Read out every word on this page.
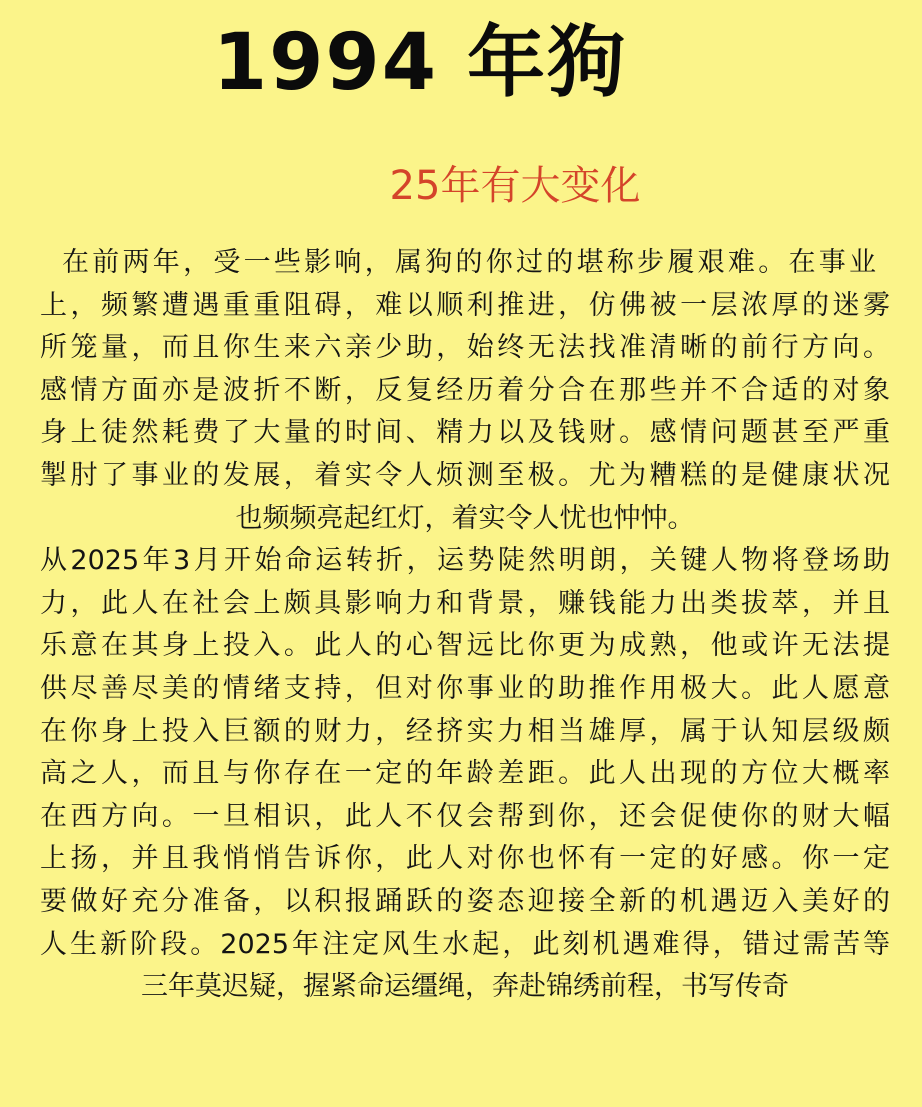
1994 年狗
25年有大变化
在前两年，受一些影响，属狗的你过的堪称步履艰难。在事业
上，频繁遭遇重重阻碍，难以顺利推进，仿佛被一层浓厚的迷雾
所笼量，而且你生来六亲少助，始终无法找准清晰的前行方向。
感情方面亦是波折不断，反复经历着分合在那些并不合适的对象
身上徒然耗费了大量的时间、精力以及钱财。感情问题甚至严重
掣肘了事业的发展，着实令人烦测至极。尤为糟糕的是健康状况
也频频亮起红灯，着实令人忧也忡忡。
从2025年3月开始命运转折，运势陡然明朗，关键人物将登场助
力，此人在社会上颇具影响力和背景，赚钱能力出类拔萃，并且
乐意在其身上投入。此人的心智远比你更为成熟，他或许无法提
供尽善尽美的情绪支持，但对你事业的助推作用极大。此人愿意
在你身上投入巨额的财力，经挤实力相当雄厚，属于认知层级颇
高之人，而且与你存在一定的年龄差距。此人出现的方位大概率
在西方向。一旦相识，此人不仅会帮到你，还会促使你的财大幅
上扬，并且我悄悄告诉你，此人对你也怀有一定的好感。你一定
要做好充分准备，以积报踊跃的姿态迎接全新的机遇迈入美好的
人生新阶段。2025年注定风生水起，此刻机遇难得，错过需苦等
三年莫迟疑，握紧命运缰绳，奔赴锦绣前程，书写传奇
